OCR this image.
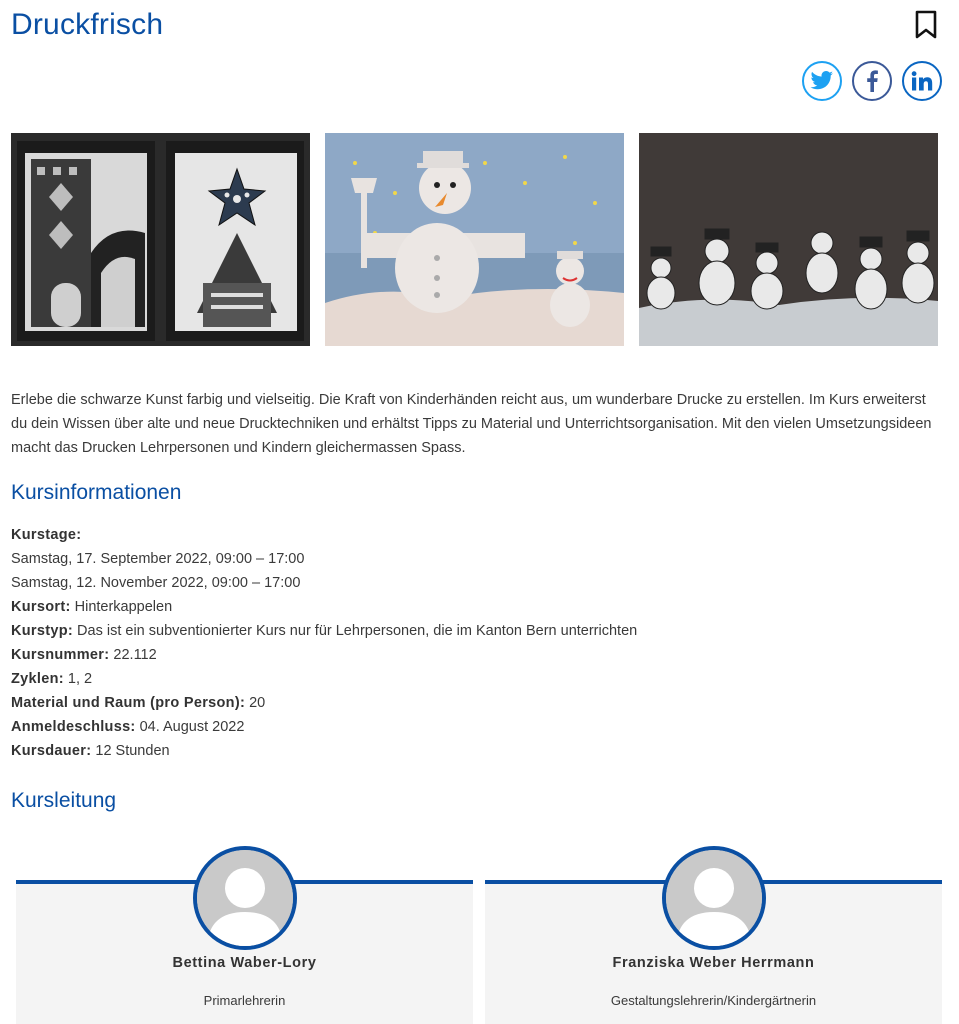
Druckfrisch

Erlebe die schwarze Kunst farbig und vielseitig. Die Kraft von Kinderhänden reicht aus, um wunderbare Drucke zu erstellen. Im Kurs erweiterst du dein Wissen über alte und neue Drucktechniken und erhältst Tipps zu Material und Unterrichtsorganisation. Mit den vielen Umsetzungsideen macht das Drucken Lehrpersonen und Kindern gleichermassen Spass.

Kursinformationen
Kurstage:
Samstag, 17. September 2022, 09:00 – 17:00
Samstag, 12. November 2022, 09:00 – 17:00
Kursort: Hinterkappelen
Kurstyp: Das ist ein subventionierter Kurs nur für Lehrpersonen, die im Kanton Bern unterrichten
Kursnummer: 22.112
Zyklen: 1, 2
Material und Raum (pro Person): 20
Anmeldeschluss: 04. August 2022
Kursdauer: 12 Stunden
Kursleitung
Bettina Waber-Lory
Primarlehrerin
Franziska Weber Herrmann
Gestaltungslehrerin/Kindergärtnerin
